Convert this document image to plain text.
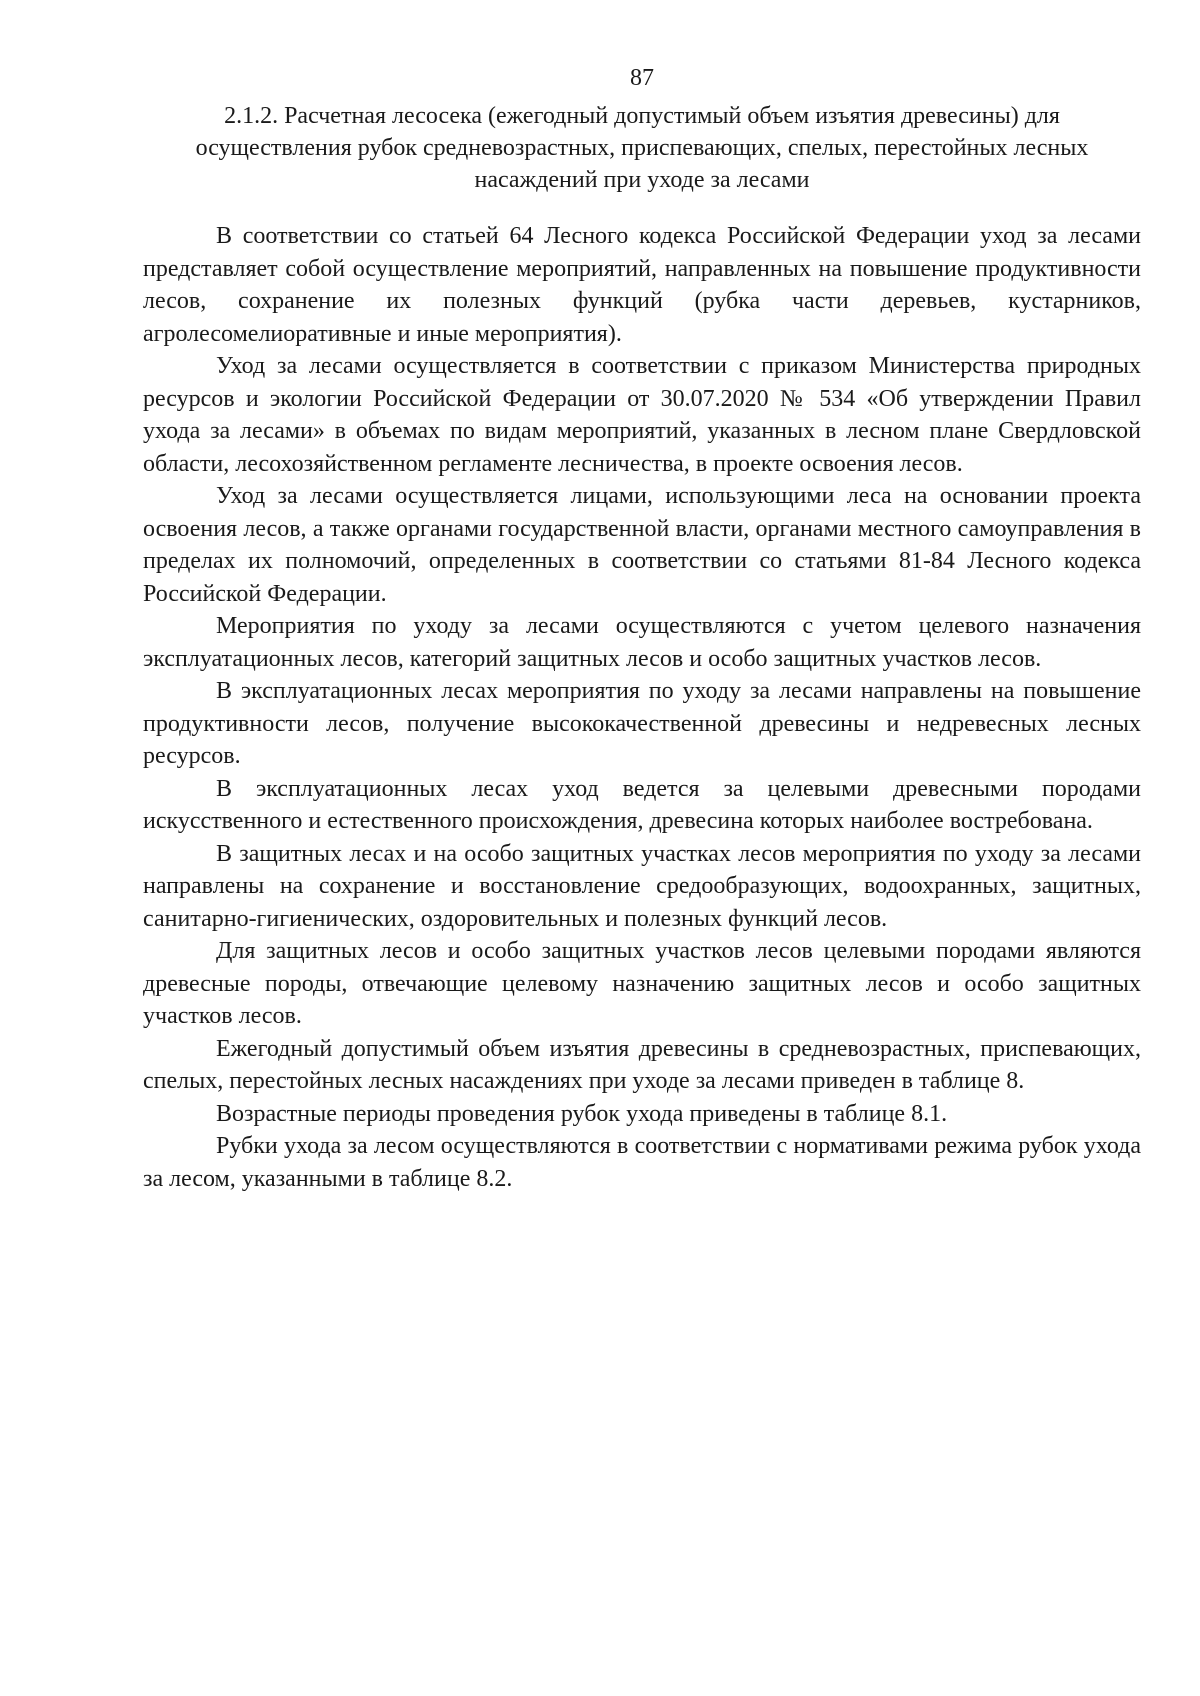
87
2.1.2. Расчетная лесосека (ежегодный допустимый объем изъятия древесины) для осуществления рубок средневозрастных, приспевающих, спелых, перестойных лесных насаждений при уходе за лесами

В соответствии со статьей 64 Лесного кодекса Российской Федерации уход за лесами представляет собой осуществление мероприятий, направленных на повышение продуктивности лесов, сохранение их полезных функций (рубка части деревьев, кустарников, агролесомелиоративные и иные мероприятия).

Уход за лесами осуществляется в соответствии с приказом Министерства природных ресурсов и экологии Российской Федерации от 30.07.2020 № 534 «Об утверждении Правил ухода за лесами» в объемах по видам мероприятий, указанных в лесном плане Свердловской области, лесохозяйственном регламенте лесничества, в проекте освоения лесов.

Уход за лесами осуществляется лицами, использующими леса на основании проекта освоения лесов, а также органами государственной власти, органами местного самоуправления в пределах их полномочий, определенных в соответствии со статьями 81-84 Лесного кодекса Российской Федерации.

Мероприятия по уходу за лесами осуществляются с учетом целевого назначения эксплуатационных лесов, категорий защитных лесов и особо защитных участков лесов.

В эксплуатационных лесах мероприятия по уходу за лесами направлены на повышение продуктивности лесов, получение высококачественной древесины и недревесных лесных ресурсов.

В эксплуатационных лесах уход ведется за целевыми древесными породами искусственного и естественного происхождения, древесина которых наиболее востребована.

В защитных лесах и на особо защитных участках лесов мероприятия по уходу за лесами направлены на сохранение и восстановление средообразующих, водоохранных, защитных, санитарно-гигиенических, оздоровительных и полезных функций лесов.

Для защитных лесов и особо защитных участков лесов целевыми породами являются древесные породы, отвечающие целевому назначению защитных лесов и особо защитных участков лесов.

Ежегодный допустимый объем изъятия древесины в средневозрастных, приспевающих, спелых, перестойных лесных насаждениях при уходе за лесами приведен в таблице 8.

Возрастные периоды проведения рубок ухода приведены в таблице 8.1.

Рубки ухода за лесом осуществляются в соответствии с нормативами режима рубок ухода за лесом, указанными в таблице 8.2.
